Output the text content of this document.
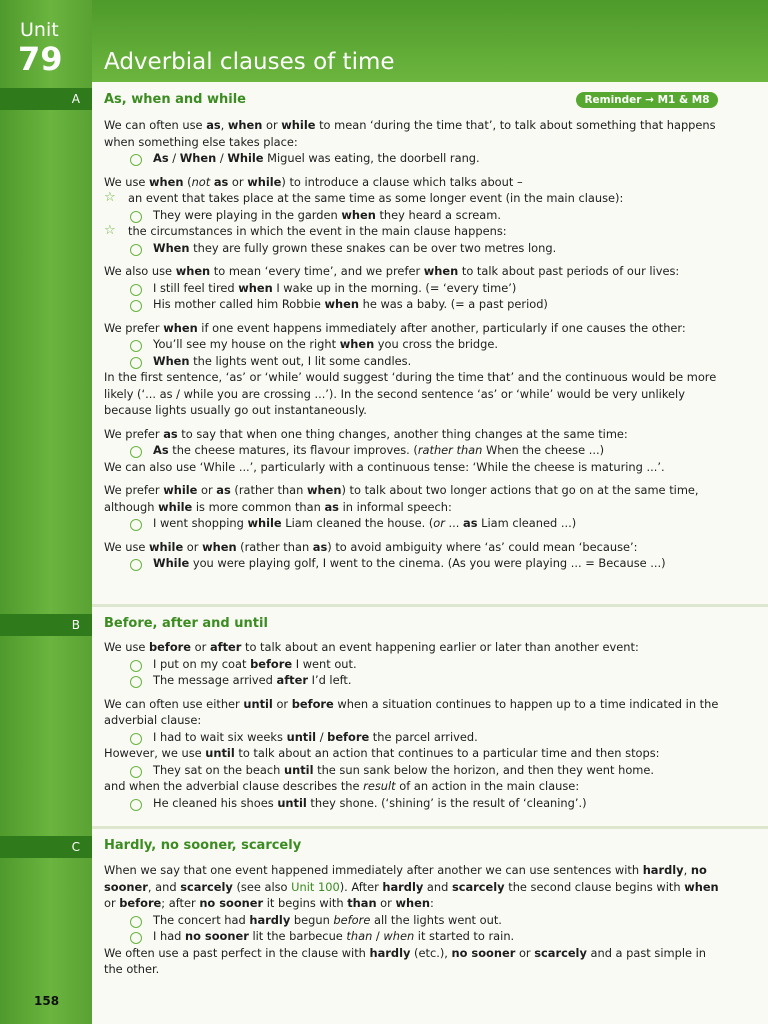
Unit
79 Adverbial clauses of time
A As, when and while	Reminder → M1 & M8

We can often use as, when or while to mean ‘during the time that’, to talk about something that happens when something else takes place:
As / When / While Miguel was eating, the doorbell rang.

We use when (not as or while) to introduce a clause which talks about –
☆ an event that takes place at the same time as some longer event (in the main clause):
They were playing in the garden when they heard a scream.
☆ the circumstances in which the event in the main clause happens:
When they are fully grown these snakes can be over two metres long.

We also use when to mean ‘every time’, and we prefer when to talk about past periods of our lives:
I still feel tired when I wake up in the morning. (= ‘every time’)
His mother called him Robbie when he was a baby. (= a past period)

We prefer when if one event happens immediately after another, particularly if one causes the other:
You’ll see my house on the right when you cross the bridge.
When the lights went out, I lit some candles.
In the first sentence, ‘as’ or ‘while’ would suggest ‘during the time that’ and the continuous would be more likely (‘... as / while you are crossing ...’). In the second sentence ‘as’ or ‘while’ would be very unlikely because lights usually go out instantaneously.

We prefer as to say that when one thing changes, another thing changes at the same time:
As the cheese matures, its flavour improves. (rather than When the cheese ...)
We can also use ‘While ...’, particularly with a continuous tense: ‘While the cheese is maturing ...’.

We prefer while or as (rather than when) to talk about two longer actions that go on at the same time, although while is more common than as in informal speech:
I went shopping while Liam cleaned the house. (or ... as Liam cleaned ...)

We use while or when (rather than as) to avoid ambiguity where ‘as’ could mean ‘because’:
While you were playing golf, I went to the cinema. (As you were playing ... = Because ...)

B Before, after and until

We use before or after to talk about an event happening earlier or later than another event:
I put on my coat before I went out.
The message arrived after I’d left.

We can often use either until or before when a situation continues to happen up to a time indicated in the adverbial clause:
I had to wait six weeks until / before the parcel arrived.
However, we use until to talk about an action that continues to a particular time and then stops:
They sat on the beach until the sun sank below the horizon, and then they went home.
and when the adverbial clause describes the result of an action in the main clause:
He cleaned his shoes until they shone. (‘shining’ is the result of ‘cleaning’.)

C Hardly, no sooner, scarcely

When we say that one event happened immediately after another we can use sentences with hardly, no sooner, and scarcely (see also Unit 100). After hardly and scarcely the second clause begins with when or before; after no sooner it begins with than or when:
The concert had hardly begun before all the lights went out.
I had no sooner lit the barbecue than / when it started to rain.
We often use a past perfect in the clause with hardly (etc.), no sooner or scarcely and a past simple in the other.

158
